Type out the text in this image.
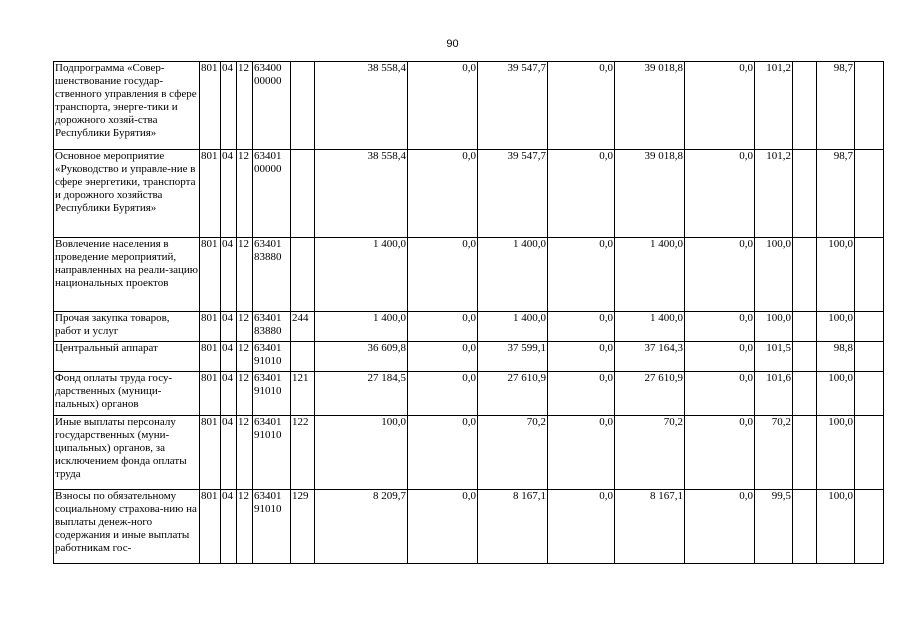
90
Подпрограмма «Совер-шенствование государ-ственного управления в сфере транспорта, энерге-тики и дорожного хозяй-ства Республики Бурятия»	801	04	12	63400 00000		38 558,4	0,0	39 547,7	0,0	39 018,8	0,0	101,2		98,7	
Основное мероприятие «Руководство и управле-ние в сфере энергетики, транспорта и дорожного хозяйства Республики Бурятия»	801	04	12	63401 00000		38 558,4	0,0	39 547,7	0,0	39 018,8	0,0	101,2		98,7	
Вовлечение населения в проведение мероприятий, направленных на реали-зацию национальных проектов	801	04	12	63401 83880		1 400,0	0,0	1 400,0	0,0	1 400,0	0,0	100,0		100,0	
Прочая закупка товаров, работ и услуг	801	04	12	63401 83880	244	1 400,0	0,0	1 400,0	0,0	1 400,0	0,0	100,0		100,0	
Центральный аппарат	801	04	12	63401 91010		36 609,8	0,0	37 599,1	0,0	37 164,3	0,0	101,5		98,8	
Фонд оплаты труда госу-дарственных (муници-пальных) органов	801	04	12	63401 91010	121	27 184,5	0,0	27 610,9	0,0	27 610,9	0,0	101,6		100,0	
Иные выплаты персоналу государственных (муни-ципальных) органов, за исключением фонда оплаты труда	801	04	12	63401 91010	122	100,0	0,0	70,2	0,0	70,2	0,0	70,2		100,0	
Взносы по обязательному социальному страхова-нию на выплаты денеж-ного содержания и иные выплаты работникам гос-	801	04	12	63401 91010	129	8 209,7	0,0	8 167,1	0,0	8 167,1	0,0	99,5		100,0	
